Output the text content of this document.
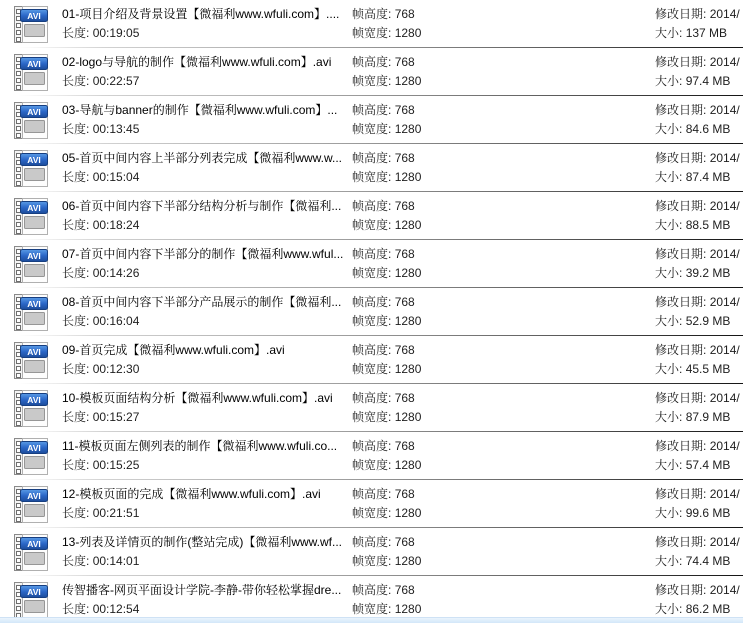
AVI 01-项目介绍及背景设置【微福利www.wfuli.com】....
长度: 00:19:05
帧高度: 768
帧宽度: 1280
修改日期: 2014/
大小: 137 MB
AVI 02-logo与导航的制作【微福利www.wfuli.com】.avi
长度: 00:22:57
帧高度: 768
帧宽度: 1280
修改日期: 2014/
大小: 97.4 MB
AVI 03-导航与banner的制作【微福利www.wfuli.com】...
长度: 00:13:45
帧高度: 768
帧宽度: 1280
修改日期: 2014/
大小: 84.6 MB
AVI 05-首页中间内容上半部分列表完成【微福利www.w...
长度: 00:15:04
帧高度: 768
帧宽度: 1280
修改日期: 2014/
大小: 87.4 MB
AVI 06-首页中间内容下半部分结构分析与制作【微福利...
长度: 00:18:24
帧高度: 768
帧宽度: 1280
修改日期: 2014/
大小: 88.5 MB
AVI 07-首页中间内容下半部分的制作【微福利www.wful...
长度: 00:14:26
帧高度: 768
帧宽度: 1280
修改日期: 2014/
大小: 39.2 MB
AVI 08-首页中间内容下半部分产品展示的制作【微福利...
长度: 00:16:04
帧高度: 768
帧宽度: 1280
修改日期: 2014/
大小: 52.9 MB
AVI 09-首页完成【微福利www.wfuli.com】.avi
长度: 00:12:30
帧高度: 768
帧宽度: 1280
修改日期: 2014/
大小: 45.5 MB
AVI 10-模板页面结构分析【微福利www.wfuli.com】.avi
长度: 00:15:27
帧高度: 768
帧宽度: 1280
修改日期: 2014/
大小: 87.9 MB
AVI 11-模板页面左侧列表的制作【微福利www.wfuli.co...
长度: 00:15:25
帧高度: 768
帧宽度: 1280
修改日期: 2014/
大小: 57.4 MB
AVI 12-模板页面的完成【微福利www.wfuli.com】.avi
长度: 00:21:51
帧高度: 768
帧宽度: 1280
修改日期: 2014/
大小: 99.6 MB
AVI 13-列表及详情页的制作(整站完成)【微福利www.wf...
长度: 00:14:01
帧高度: 768
帧宽度: 1280
修改日期: 2014/
大小: 74.4 MB
AVI 传智播客-网页平面设计学院-李静-带你轻松掌握dre...
长度: 00:12:54
帧高度: 768
帧宽度: 1280
修改日期: 2014/
大小: 86.2 MB
